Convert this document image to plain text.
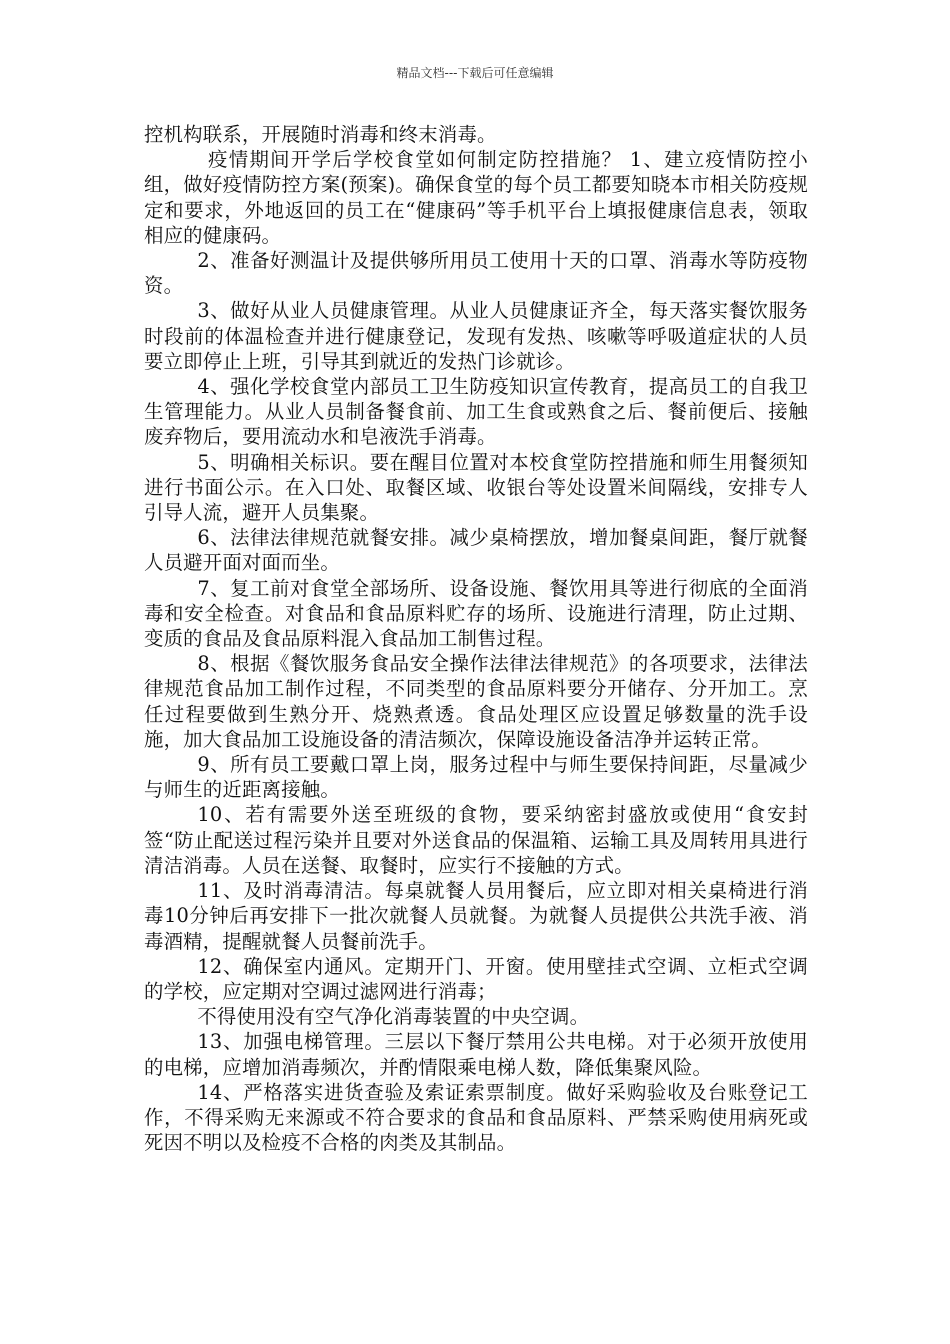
精品文档---下载后可任意编辑

控机构联系，开展随时消毒和终末消毒。

疫情期间开学后学校食堂如何制定防控措施？ 1、建立疫情防控小组，做好疫情防控方案(预案)。确保食堂的每个员工都要知晓本市相关防疫规定和要求，外地返回的员工在“健康码”等手机平台上填报健康信息表，领取相应的健康码。

2、准备好测温计及提供够所用员工使用十天的口罩、消毒水等防疫物资。

3、做好从业人员健康管理。从业人员健康证齐全，每天落实餐饮服务时段前的体温检查并进行健康登记，发现有发热、咳嗽等呼吸道症状的人员要立即停止上班，引导其到就近的发热门诊就诊。

4、强化学校食堂内部员工卫生防疫知识宣传教育，提高员工的自我卫生管理能力。从业人员制备餐食前、加工生食或熟食之后、餐前便后、接触废弃物后，要用流动水和皂液洗手消毒。

5、明确相关标识。要在醒目位置对本校食堂防控措施和师生用餐须知进行书面公示。在入口处、取餐区域、收银台等处设置米间隔线，安排专人引导人流，避开人员集聚。

6、法律法律规范就餐安排。减少桌椅摆放，增加餐桌间距，餐厅就餐人员避开面对面而坐。

7、复工前对食堂全部场所、设备设施、餐饮用具等进行彻底的全面消毒和安全检查。对食品和食品原料贮存的场所、设施进行清理，防止过期、变质的食品及食品原料混入食品加工制售过程。

8、根据《餐饮服务食品安全操作法律法律规范》的各项要求，法律法律规范食品加工制作过程，不同类型的食品原料要分开储存、分开加工。烹任过程要做到生熟分开、烧熟煮透。食品处理区应设置足够数量的洗手设施，加大食品加工设施设备的清洁频次，保障设施设备洁净并运转正常。

9、所有员工要戴口罩上岗，服务过程中与师生要保持间距，尽量减少与师生的近距离接触。

10、若有需要外送至班级的食物，要采纳密封盛放或使用“食安封签“防止配送过程污染并且要对外送食品的保温箱、运输工具及周转用具进行清洁消毒。人员在送餐、取餐时，应实行不接触的方式。

11、及时消毒清洁。每桌就餐人员用餐后，应立即对相关桌椅进行消毒10分钟后再安排下一批次就餐人员就餐。为就餐人员提供公共洗手液、消毒酒精，提醒就餐人员餐前洗手。

12、确保室内通风。定期开门、开窗。使用壁挂式空调、立柜式空调的学校，应定期对空调过滤网进行消毒；

不得使用没有空气净化消毒装置的中央空调。

13、加强电梯管理。三层以下餐厅禁用公共电梯。对于必须开放使用的电梯，应增加消毒频次，并酌情限乘电梯人数，降低集聚风险。

14、严格落实进货查验及索证索票制度。做好采购验收及台账登记工作，不得采购无来源或不符合要求的食品和食品原料、严禁采购使用病死或死因不明以及检疫不合格的肉类及其制品。
